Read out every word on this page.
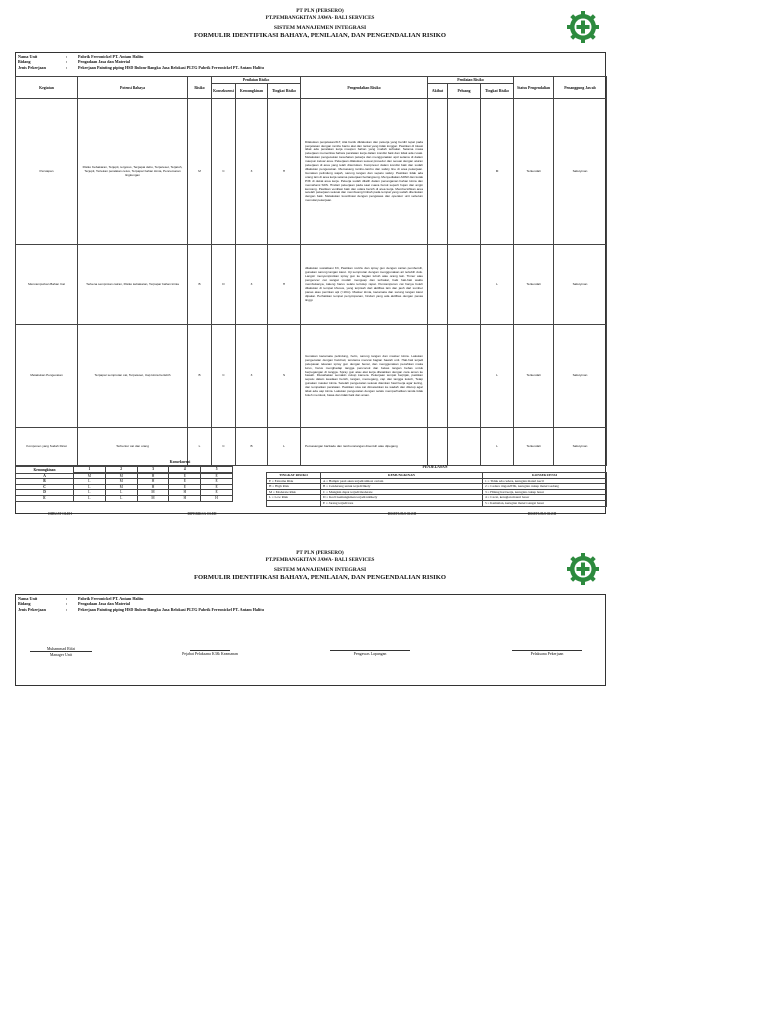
PT PLN (PERSERO)
PT.PEMBANGKITAN JAWA- BALI SERVICES
SISTEM MANAJEMEN INTEGRASI
FORMULIR IDENTIFIKASI BAHAYA, PENILAIAN, DAN PENGENDALIAN RISIKO
Nama Unit	:	Pabrik Ferronickel PT. Antam Halitu
Bidang	:	Pengadaan Jasa dan Material
Jenis Pekerjaan	:	Pekerjaan Painting piping HSD Bulom-Bangka Jasa Relokasi PLTG Pabrik Ferronickel PT. Antam Halitu
Kegiatan	Potensi Bahaya	Risiko	Penilaian Risiko			Pengendalian Risiko	Penilaian Risiko			Status Pengendalian	Penanggung Jawab
			Konsekuensi	Kemungkinan	Tingkat Risiko		Akibat	Peluang	Tingkat Risiko		
Persiapan	Risiko Kebakaran, Terjepit, tergores, Tergapai debu, Terpeleset, Terjatuh, Terjepit, Tertekan peralatan cetus, Terpapar bahan kimia, Pencemaran lingkungan	M	C	3	H	Dilakukan penjelasan/JLT, Alat bantk diklakukan dan pekerja yang berdiri tepat pada penjelasan dengan rambu bantu alat dan rantai yang tidak longgar. Pastikan di lokasi tidak ada peralatan kerja maupun bahan yang mudah terbakar. Selama masa pekerjaan memeriksa bahwa peralatan kerja dalam kondisi baik dan tidak ada rusak. Melakukan pengecekan kesehatan pekerja dan menggunakan apd selama di dalam maupun keluar area. Pekerjaan dilakukan sesuai prosedur dan sesuai dengan aturan pekerjaan di area yang telah ditentukan. Kompresor dalam kondisi baik dan sudah dilakukan pengecekan. Memasang rambu-rambu dan safety line di area pekerjaan. Gunakan pelindung wajah, sarung tangan dan sepatu safety. Pastikan tidak ada orang lain di area kerja selama pekerjaan berlangsung. Menyediakan APAR dan kotak P3K di dekat area kerja. Pekerja sudah dilatih dalam penanganan bahan kimia dan memahami SDS. Hindari pekerjaan pada saat cuaca buruk seperti hujan dan angin kencang. Pastikan ventilasi baik dan udara bersih di area kerja. Membersihkan area setelah pekerjaan selesai dan membuang limbah pada tempat yang sudah ditentukan dengan baik. Melakukan koordinasi dengan pengawas dan operator unit sebelum memulai pekerjaan.			M	Terkendali	Safetyman
Mencampurkan Bahan Cat	Terkena semprotan cairan, Risiko kebakaran, Terpapar bahan kimia	B	D	3	H	dilakukan sosialisasi K3, Pastikan nozzle dan spray gun dengan cairan pembersih, gunakan sarung tangan karet. Uji semprotan dengan menggunakan air terlebih dulu. Langsir menyemprotkan spray gun ke bagian tubuh atau orang lain. Tinner atau pengencer cat sangat mudah menguap dan terbakar, baik hati-hati waktu membukanya, kaleng harus selalu tertutup rapat. Pencampuran cat hanya boleh dilakukan di tempat khusus, yang terpisah dari aktifitas lain dan jauh dari sumber panas atau percikan api (>10m). Masker kimia, kacamata dan sarung tangan karet dipakai. Perhatikan tempat penyimpanan, hindari yang ada aktifitas dengan panas tinggi.			L	Terkendali	Safetyman
Melakukan Pengecatan	Terpapar semprotan cat, Terpeleset, Uap kimia berlebih	B	C	3	S	Gunakan kacamata pelindung, helm, sarung tangan dan masker kimia. Lakukan pengecatan dengan hati-hati, terutama mencat bagian bawah unit. Hati-hati terjadi pelepasan tekanan spray gun dengan benar, dan menggunakan pecahkan maka lurus, harus menghadap tangga pencocok dan bekas tangan bebas untuk berpegangan di tangga. Spray gun atau alat kerja diletakkan dengan cara aman ke bawah. Diusahakan semakin cukup kamera. Pekerjaan tempat berpijak, pastikan sepatu dalam keadaan bersih, tangan, memegang, cap dan tangga kokoh, Tetap gunakan masker kimia. Setelah pengecatan selesai diamkan hasil kerja agar kering, dan tempatkan peralatan. Pastikan sisa cat dimasukkan ke wadah dan ditutup agar tidak ada uap kimia. Lakukan pengecatan dengan selalu memperhatikan tanda tidak boleh merokok, bawa dan tidak baik dan aman.			L	Terkendali	Safetyman
Komponen yang Sudah Dicat	Terbentur cat dan orang	L	C	B	L	Pemasangan barikade dan rambu-larangan disentuh atau dipegang			L	Terkendali	Safetyman
Konsekuensi
Kemungkinan	1	2	3	4	5

A	M	M	H	E	E
B	L	M	H	E	E
C	L	M	H	E	E
D	L	L	M	H	E
E	L	L	M	H	H
PENJELASAN
TINGKAT RISIKO	KEMUNGKINAN	KONSEKUENSI
E = Extreme Risk	A = Hampir pasti akan terjadi/almost certain	1 = Tidak ada cedera, kerugian materi kecil
H = High Risk	B = Cenderung untuk terjadi/likely	2 = Cedera ringan/P3K, kerugian cukup materi sedang
M = Moderate Risk	C = Mungkin dapat terjadi/moderate	3 = Hilang hari kerja, kerugian cukup besar
L = Low Risk	D = Kecil kemungkinan terjadi/unlikely	4 = Cacat, kerugian materi besar
	E = Jarang terjadi/rare	5 = Kematian, kerugian materi sangat besar
DIBUAT OLEH	DIPERIKSA OLEH	DISETUJUI OLEH	DISETUJUI OLEH
PT PLN (PERSERO)
PT.PEMBANGKITAN JAWA- BALI SERVICES
SISTEM MANAJEMEN INTEGRASI
FORMULIR IDENTIFIKASI BAHAYA, PENILAIAN, DAN PENGENDALIAN RISIKO
Nama Unit	:	Pabrik Ferronickel PT. Antam Halitu
Bidang	:	Pengadaan Jasa dan Material
Jenis Pekerjaan	:	Pekerjaan Painting piping HSD Bulom-Bangka Jasa Relokasi PLTG Pabrik Ferronickel PT. Antam Halitu
Muhammad Rifai
Manager Unit	Pejabat Pelaksana K3& Keamanan	Pengawas Lapangan	Pelaksana Pekerjaan
